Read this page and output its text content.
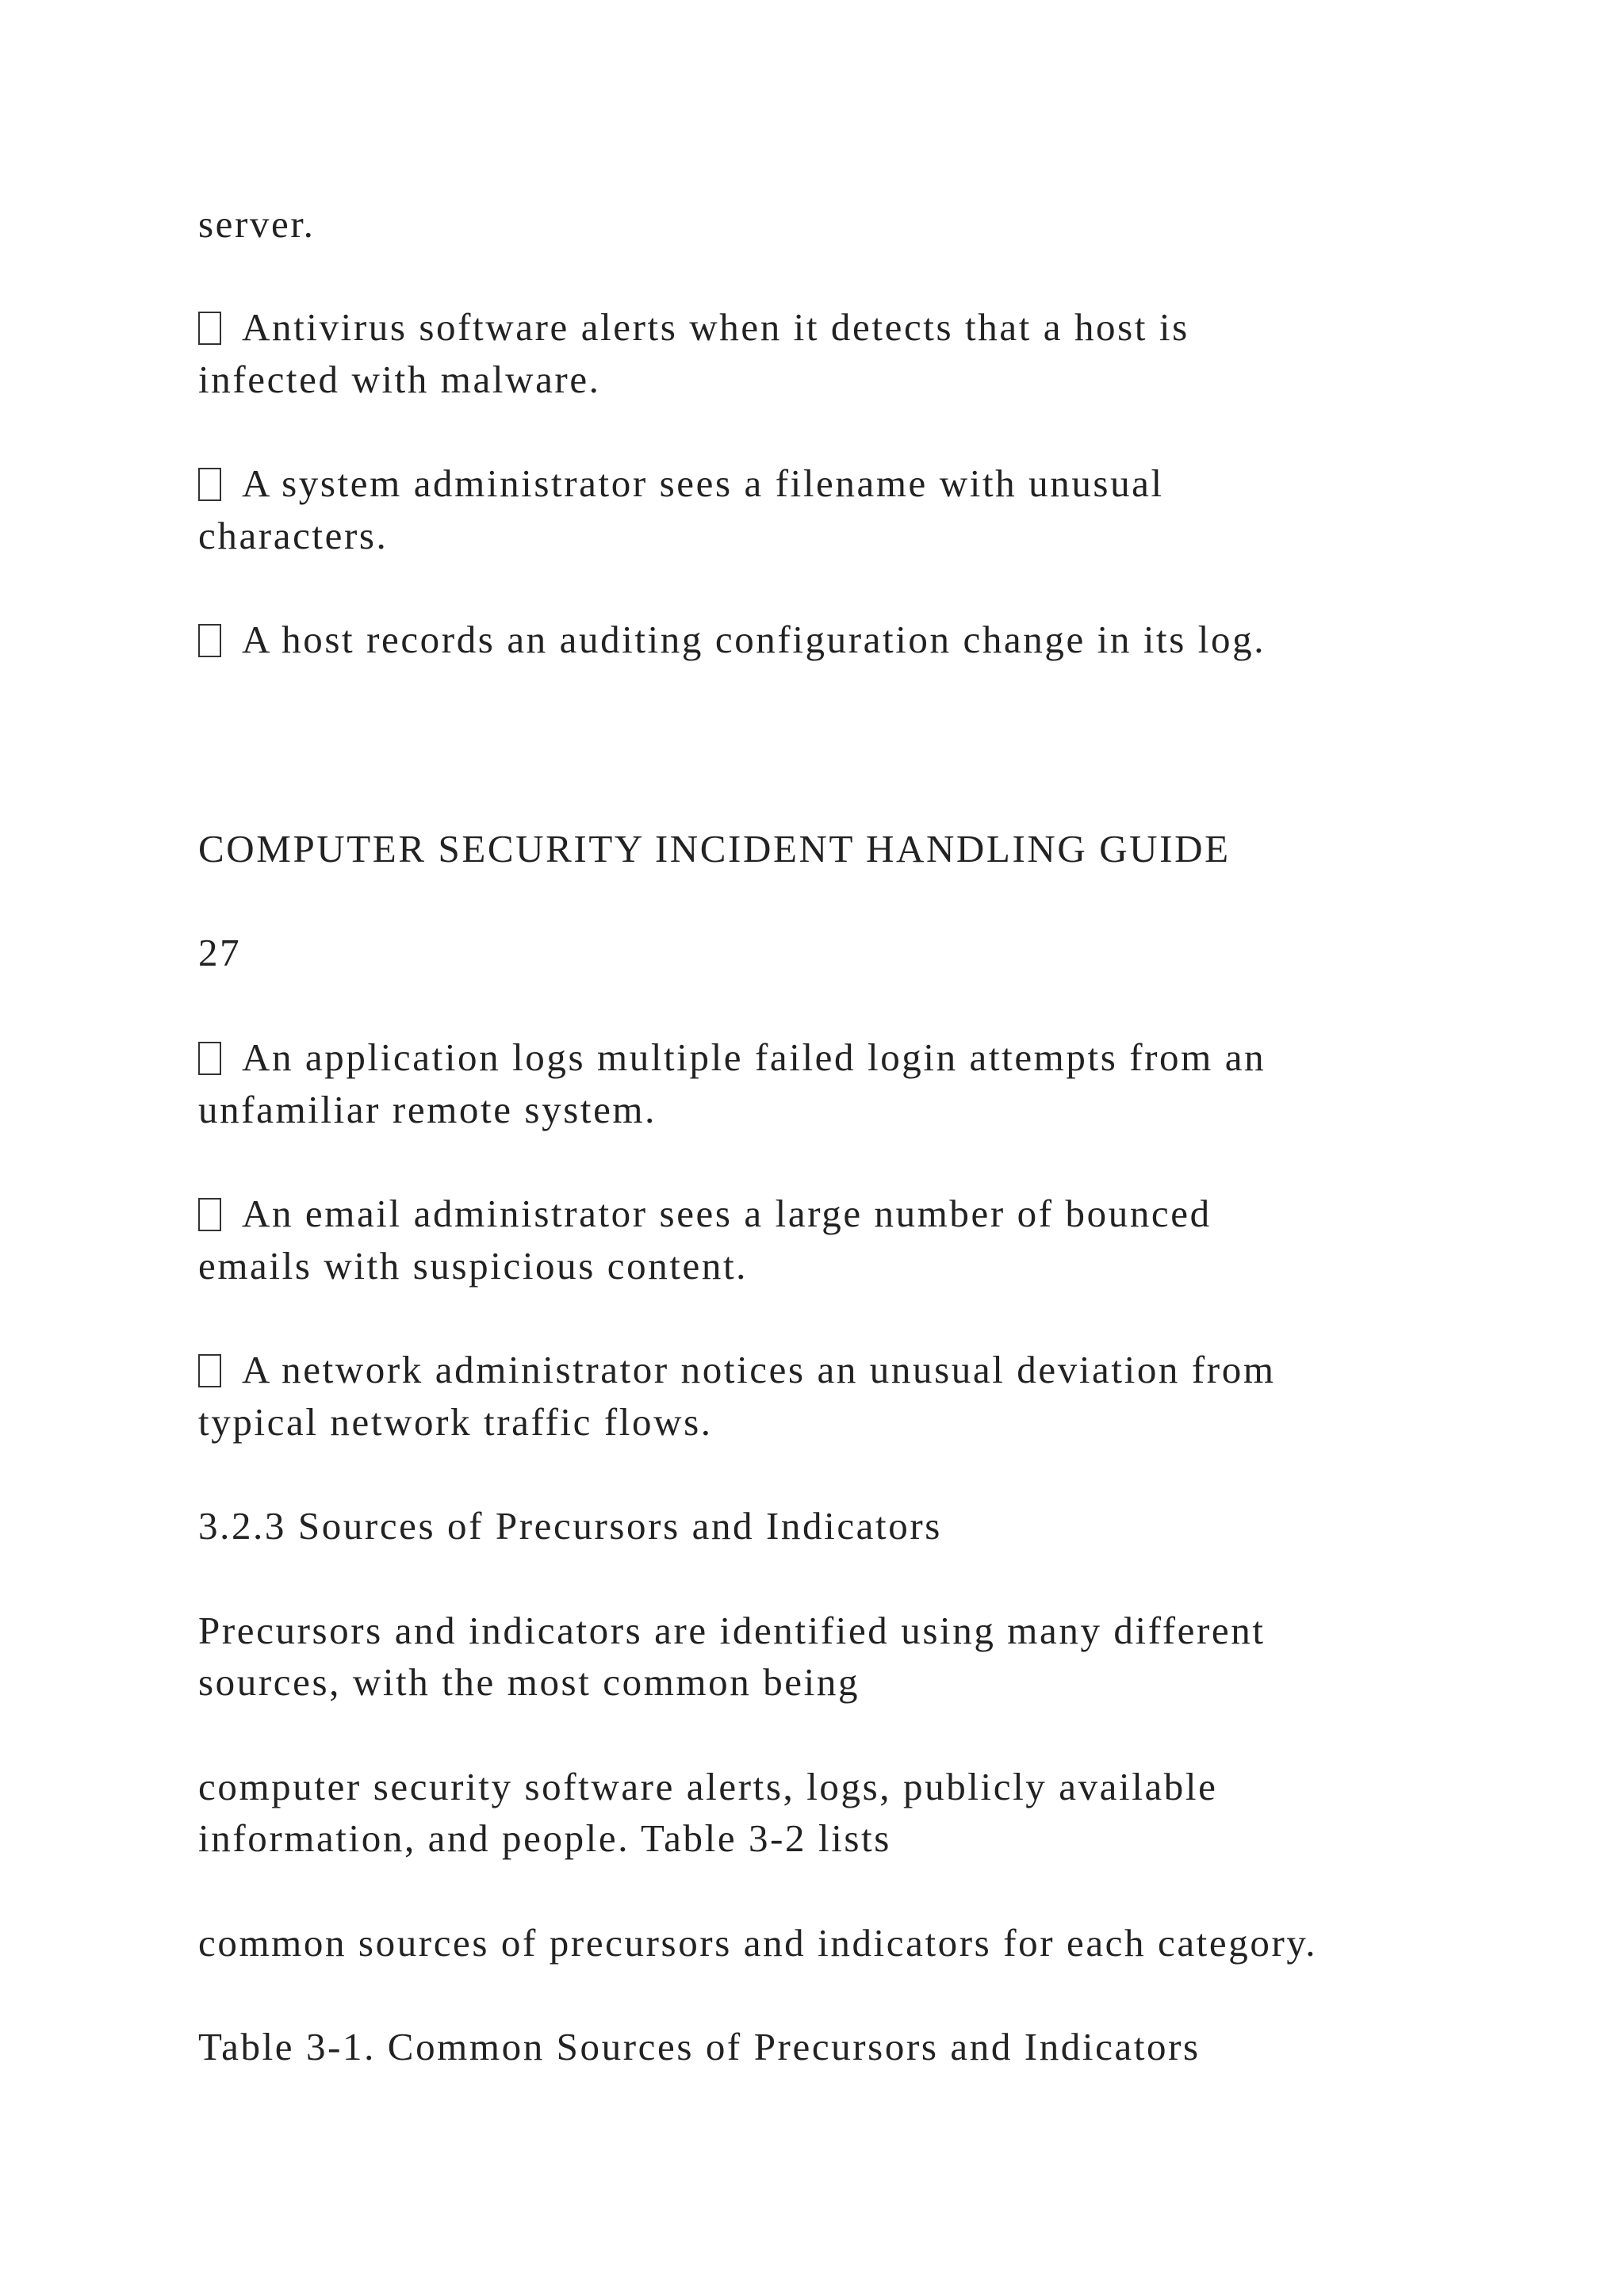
server.

Antivirus software alerts when it detects that a host is

infected with malware.

A system administrator sees a filename with unusual

characters.

A host records an auditing configuration change in its log.

COMPUTER SECURITY INCIDENT HANDLING GUIDE

27

An application logs multiple failed login attempts from an

unfamiliar remote system.

An email administrator sees a large number of bounced

emails with suspicious content.

A network administrator notices an unusual deviation from

typical network traffic flows.

3.2.3 Sources of Precursors and Indicators

Precursors and indicators are identified using many different

sources, with the most common being

computer security software alerts, logs, publicly available

information, and people. Table 3-2 lists

common sources of precursors and indicators for each category.

Table 3-1. Common Sources of Precursors and Indicators
